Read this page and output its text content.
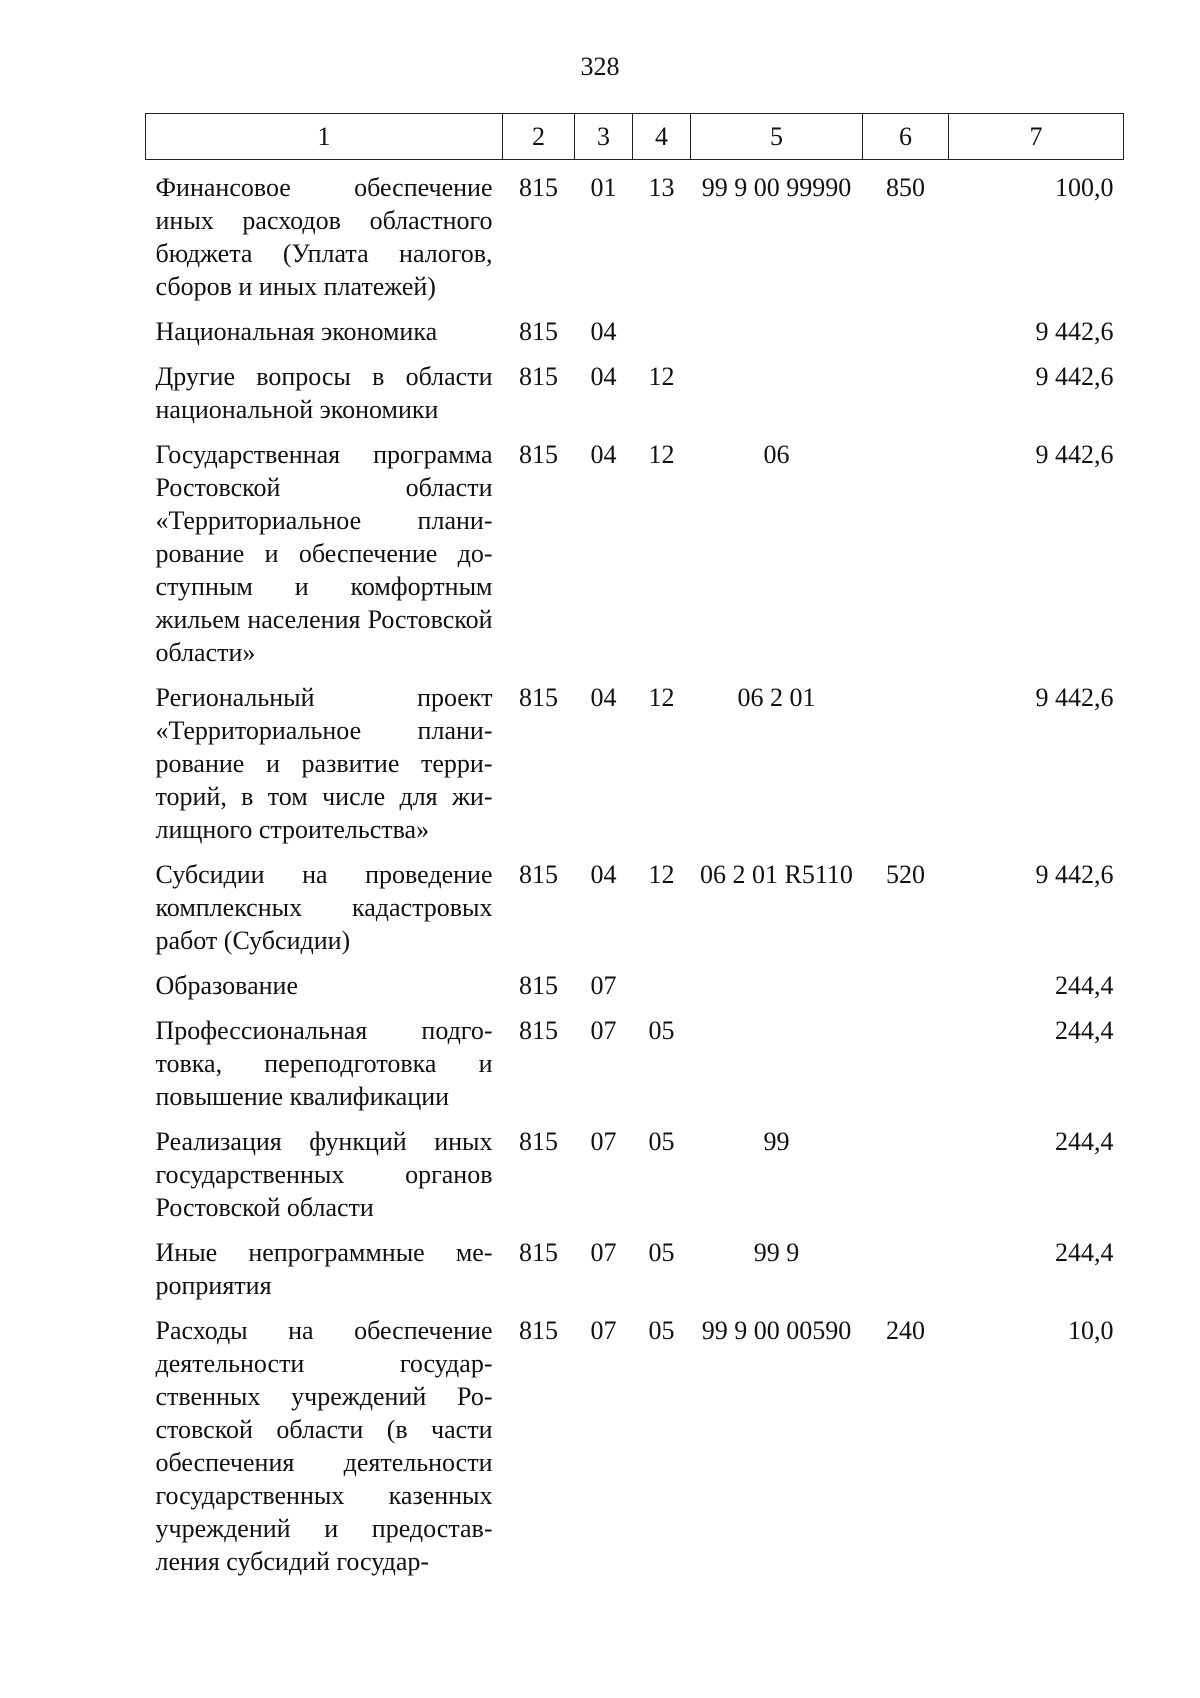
328
1	2	3	4	5	6	7
Финансовое обеспечение иных расходов областного бюджета (Уплата налогов, сборов и иных платежей)	815	01	13	99 9 00 99990	850	100,0
Национальная экономика	815	04				9 442,6
Другие вопросы в области национальной экономики	815	04	12			9 442,6
Государственная программа Ростовской области «Территориальное планирование и обеспечение доступным и комфортным жильем населения Ростовской области»	815	04	12	06		9 442,6
Региональный проект «Территориальное планирование и развитие территорий, в том числе для жилищного строительства»	815	04	12	06 2 01		9 442,6
Субсидии на проведение комплексных кадастровых работ (Субсидии)	815	04	12	06 2 01 R5110	520	9 442,6
Образование	815	07				244,4
Профессиональная подготовка, переподготовка и повышение квалификации	815	07	05			244,4
Реализация функций иных государственных органов Ростовской области	815	07	05	99		244,4
Иные непрограммные мероприятия	815	07	05	99 9		244,4
Расходы на обеспечение деятельности государственных учреждений Ростовской области (в части обеспечения деятельности государственных казенных учреждений и предоставления субсидий государ-	815	07	05	99 9 00 00590	240	10,0
